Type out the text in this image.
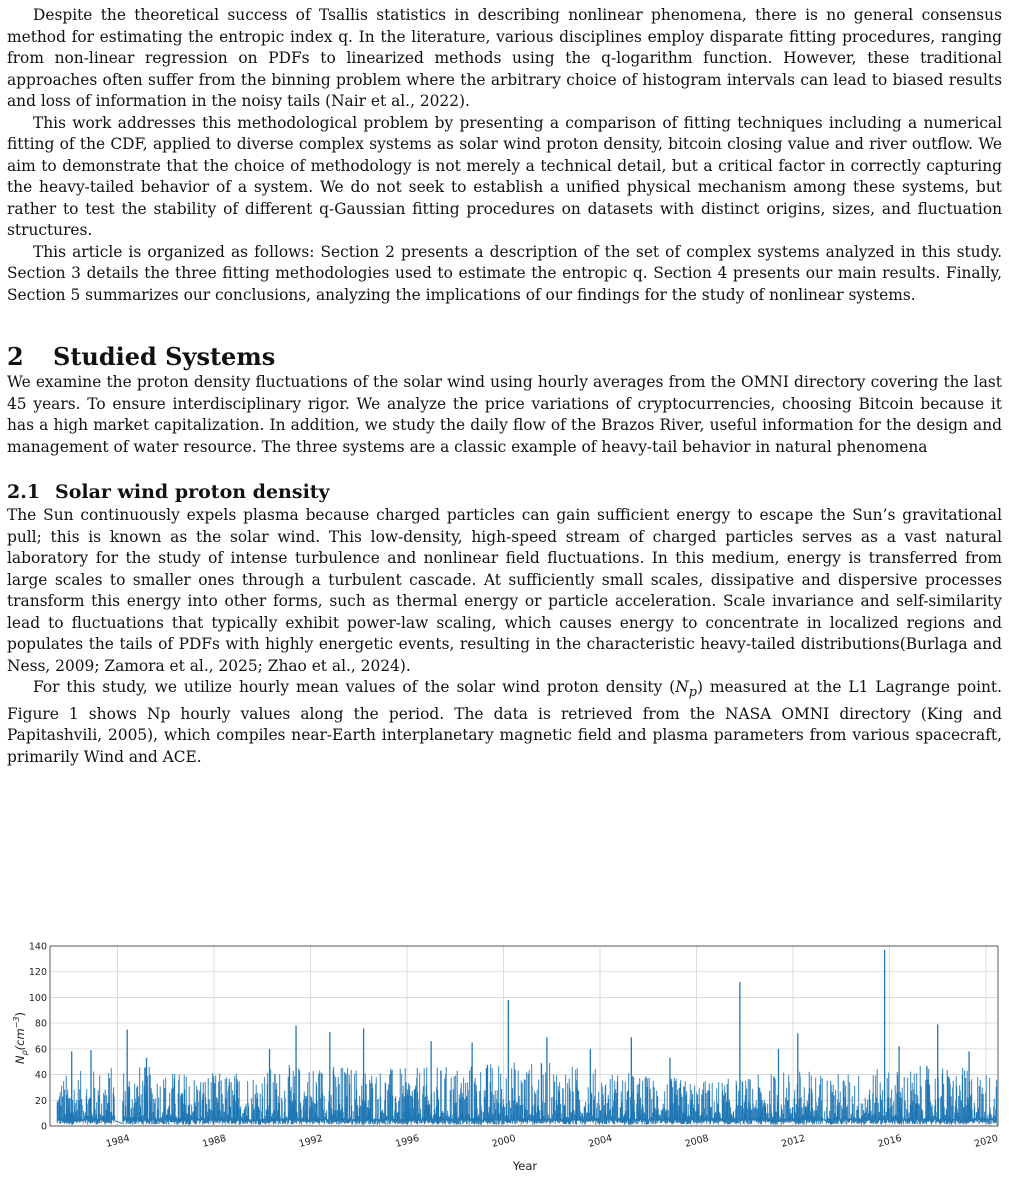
Despite the theoretical success of Tsallis statistics in describing nonlinear phenomena, there is no general consensus method for estimating the entropic index q. In the literature, various disciplines employ disparate fitting procedures, ranging from non-linear regression on PDFs to linearized methods using the q-logarithm function. However, these traditional approaches often suffer from the binning problem where the arbitrary choice of histogram intervals can lead to biased results and loss of information in the noisy tails (Nair et al., 2022).

This work addresses this methodological problem by presenting a comparison of fitting techniques including a numerical fitting of the CDF, applied to diverse complex systems as solar wind proton density, bitcoin closing value and river outflow. We aim to demonstrate that the choice of methodology is not merely a technical detail, but a critical factor in correctly capturing the heavy-tailed behavior of a system. We do not seek to establish a unified physical mechanism among these systems, but rather to test the stability of different q-Gaussian fitting procedures on datasets with distinct origins, sizes, and fluctuation structures.

This article is organized as follows: Section 2 presents a description of the set of complex systems analyzed in this study. Section 3 details the three fitting methodologies used to estimate the entropic q. Section 4 presents our main results. Finally, Section 5 summarizes our conclusions, analyzing the implications of our findings for the study of nonlinear systems.

2 Studied Systems

We examine the proton density fluctuations of the solar wind using hourly averages from the OMNI directory covering the last 45 years. To ensure interdisciplinary rigor. We analyze the price variations of cryptocurrencies, choosing Bitcoin because it has a high market capitalization. In addition, we study the daily flow of the Brazos River, useful information for the design and management of water resource. The three systems are a classic example of heavy-tail behavior in natural phenomena

2.1 Solar wind proton density

The Sun continuously expels plasma because charged particles can gain sufficient energy to escape the Sun’s gravitational pull; this is known as the solar wind. This low-density, high-speed stream of charged particles serves as a vast natural laboratory for the study of intense turbulence and nonlinear field fluctuations. In this medium, energy is transferred from large scales to smaller ones through a turbulent cascade. At sufficiently small scales, dissipative and dispersive processes transform this energy into other forms, such as thermal energy or particle acceleration. Scale invariance and self-similarity lead to fluctuations that typically exhibit power-law scaling, which causes energy to concentrate in localized regions and populates the tails of PDFs with highly energetic events, resulting in the characteristic heavy-tailed distributions(Burlaga and Ness, 2009; Zamora et al., 2025; Zhao et al., 2024).

For this study, we utilize hourly mean values of the solar wind proton density $(N_p)$ measured at the L1 Lagrange point. Figure 1 shows Np hourly values along the period. The data is retrieved from the NASA OMNI directory (King and Papitashvili, 2005), which compiles near-Earth interplanetary magnetic field and plasma parameters from various spacecraft, primarily Wind and ACE.

0
20
40
60
80
100
120
140
1984	1988	1992	1996	2000	2004	2008	2012	2016	2020
Year
$N_\rho(cm^{-3})$
